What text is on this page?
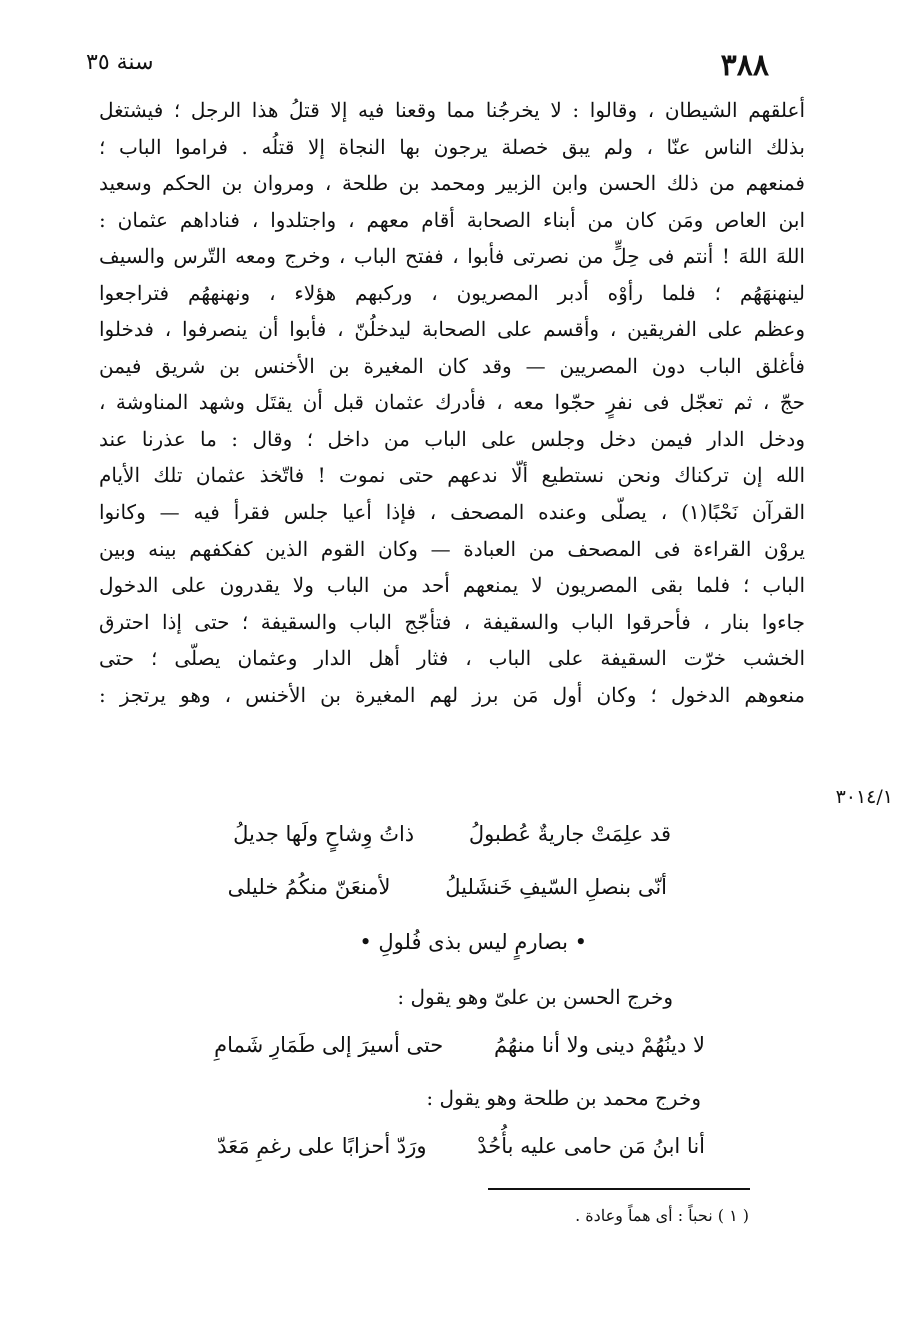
٣٨٨
سنة ٣٥
أعلقهم الشيطان ، وقالوا : لا يخرجُنا مما وقعنا فيه إلا قتلُ هذا الرجل ؛ فيشتغل
بذلك الناس عنّا ، ولم يبق خصلة يرجون بها النجاة إلا قتلُه . فراموا الباب ؛
فمنعهم من ذلك الحسن وابن الزبير ومحمد بن طلحة ، ومروان بن الحكم وسعيد
ابن العاص ومَن كان من أبناء الصحابة أقام معهم ، واجتلدوا ، فناداهم عثمان :
اللهَ اللهَ ! أنتم فى حِلٍّ من نصرتى فأبوا ، ففتح الباب ، وخرج ومعه التّرس والسيف
لينهنهَهُم ؛ فلما رأوْه أدبر المصريون ، وركبهم هؤلاء ، ونهنههُم فتراجعوا
وعظم على الفريقين ، وأقسم على الصحابة ليدخلُنّ ، فأبوا أن ينصرفوا ، فدخلوا
فأغلق الباب دون المصريين — وقد كان المغيرة بن الأخنس بن شريق فيمن
حجّ ، ثم تعجّل فى نفرٍ حجّوا معه ، فأدرك عثمان قبل أن يقتَل وشهد المناوشة ،
ودخل الدار فيمن دخل وجلس على الباب من داخل ؛ وقال : ما عذرنا عند
الله إن تركناك ونحن نستطيع ألّا ندعهم حتى نموت ! فاتّخذ عثمان تلك الأيام
القرآن نَحْبًا(١) ، يصلّى وعنده المصحف ، فإذا أعيا جلس فقرأ فيه — وكانوا
يروْن القراءة فى المصحف من العبادة — وكان القوم الذين كفكفهم بينه وبين
الباب ؛ فلما بقى المصريون لا يمنعهم أحد من الباب ولا يقدرون على الدخول
جاءوا بنار ، فأحرقوا الباب والسقيفة ، فتأجّج الباب والسقيفة ؛ حتى إذا احترق
الخشب خرّت السقيفة على الباب ، فثار أهل الدار وعثمان يصلّى ؛ حتى
منعوهم الدخول ؛ وكان أول مَن برز لهم المغيرة بن الأخنس ، وهو يرتجز :
٣٠١٤/١
قد علِمَتْ جاريةٌ عُطبولُ ذاتُ وِشاحٍ ولَها جديلُ
أنّى بنصلِ السّيفِ خَنشَليلُ لأمنعَنّ منكُمُ خليلى
• بصارمٍ ليس بذى فُلولِ •
وخرج الحسن بن علىّ وهو يقول :
لا دينُهُمْ دينى ولا أنا منهُمُ حتى أسيرَ إلى طَمَارِ شَمامِ
وخرج محمد بن طلحة وهو يقول :
أنا ابنُ مَن حامى عليه بأُحُدْ ورَدّ أحزابًا على رغمِ مَعَدّ
( ١ ) نحباً : أى هماً وعادة .
